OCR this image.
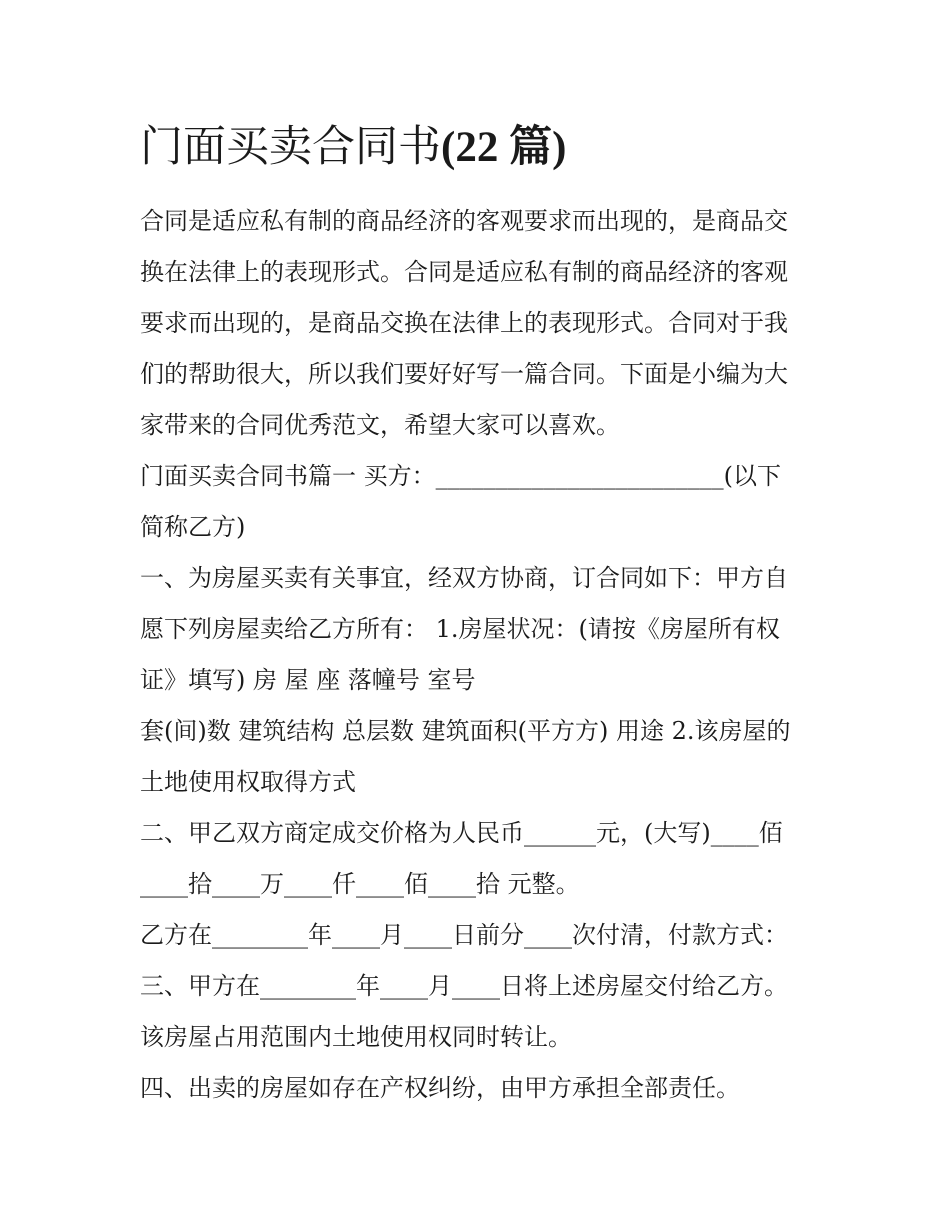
门面买卖合同书(22 篇)

合同是适应私有制的商品经济的客观要求而出现的，是商品交

换在法律上的表现形式。合同是适应私有制的商品经济的客观

要求而出现的，是商品交换在法律上的表现形式。合同对于我

们的帮助很大，所以我们要好好写一篇合同。下面是小编为大

家带来的合同优秀范文，希望大家可以喜欢。

门面买卖合同书篇一 买方：________________________(以下

简称乙方)

一、为房屋买卖有关事宜，经双方协商，订合同如下：甲方自

愿下列房屋卖给乙方所有： 1.房屋状况：(请按《房屋所有权

证》填写) 房 屋 座 落幢号 室号

套(间)数 建筑结构 总层数 建筑面积(平方方) 用途 2.该房屋的

土地使用权取得方式

二、甲乙双方商定成交价格为人民币______元，(大写)____佰

____拾____万____仟____佰____拾 元整。

乙方在________年____月____日前分____次付清，付款方式：

三、甲方在________年____月____日将上述房屋交付给乙方。

该房屋占用范围内土地使用权同时转让。

四、出卖的房屋如存在产权纠纷，由甲方承担全部责任。
